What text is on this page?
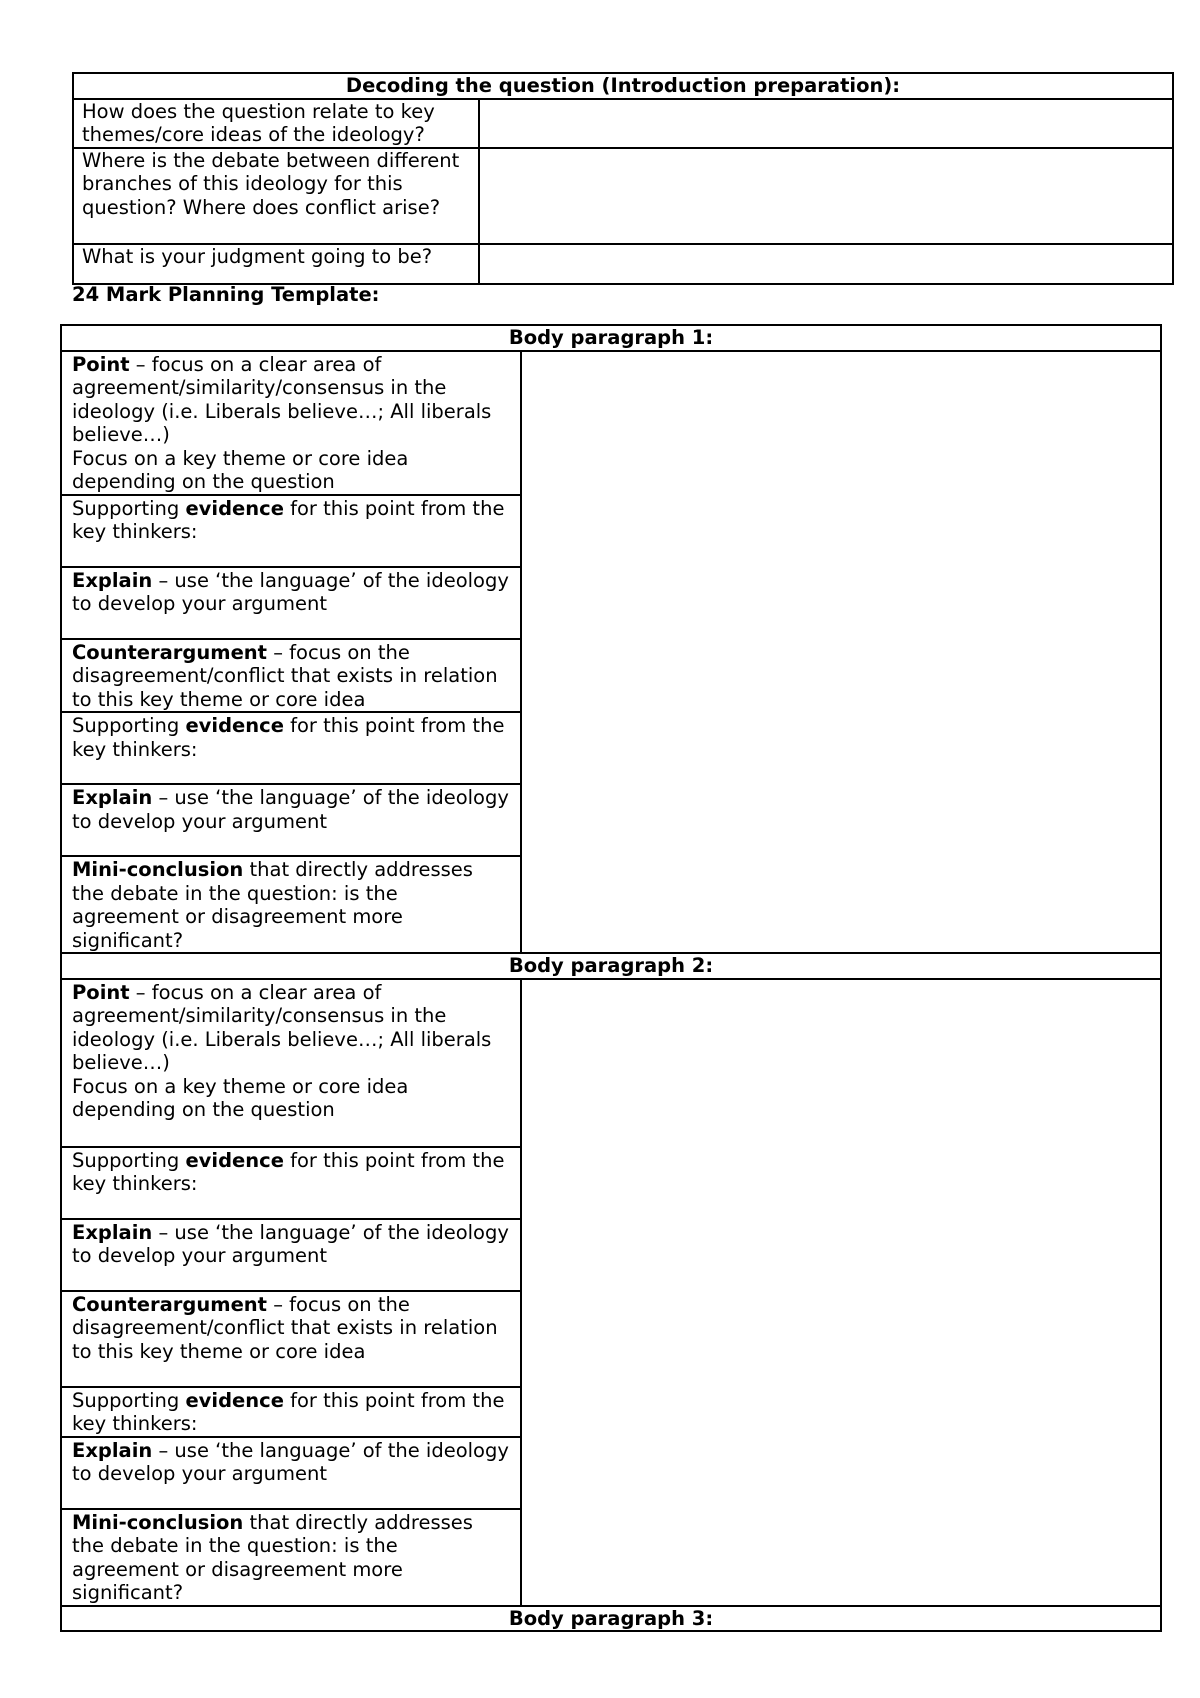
Decoding the question (Introduction preparation):	
How does the question relate to key themes/core ideas of the ideology?	
Where is the debate between different branches of this ideology for this question? Where does conflict arise?	
What is your judgment going to be?	
24 Mark Planning Template:
Body paragraph 1:	
Point – focus on a clear area of agreement/similarity/consensus in the ideology (i.e. Liberals believe…; All liberals believe…)
Focus on a key theme or core idea depending on the question	
Supporting evidence for this point from the key thinkers:	
Explain – use ‘the language’ of the ideology to develop your argument	
Counterargument – focus on the disagreement/conflict that exists in relation to this key theme or core idea	
Supporting evidence for this point from the key thinkers:	
Explain – use ‘the language’ of the ideology to develop your argument	
Mini-conclusion that directly addresses the debate in the question: is the agreement or disagreement more significant?	
Body paragraph 2:	
Point – focus on a clear area of agreement/similarity/consensus in the ideology (i.e. Liberals believe…; All liberals believe…)
Focus on a key theme or core idea depending on the question	
Supporting evidence for this point from the key thinkers:	
Explain – use ‘the language’ of the ideology to develop your argument	
Counterargument – focus on the disagreement/conflict that exists in relation to this key theme or core idea	
Supporting evidence for this point from the key thinkers:	
Explain – use ‘the language’ of the ideology to develop your argument	
Mini-conclusion that directly addresses the debate in the question: is the agreement or disagreement more significant?	
Body paragraph 3:	
